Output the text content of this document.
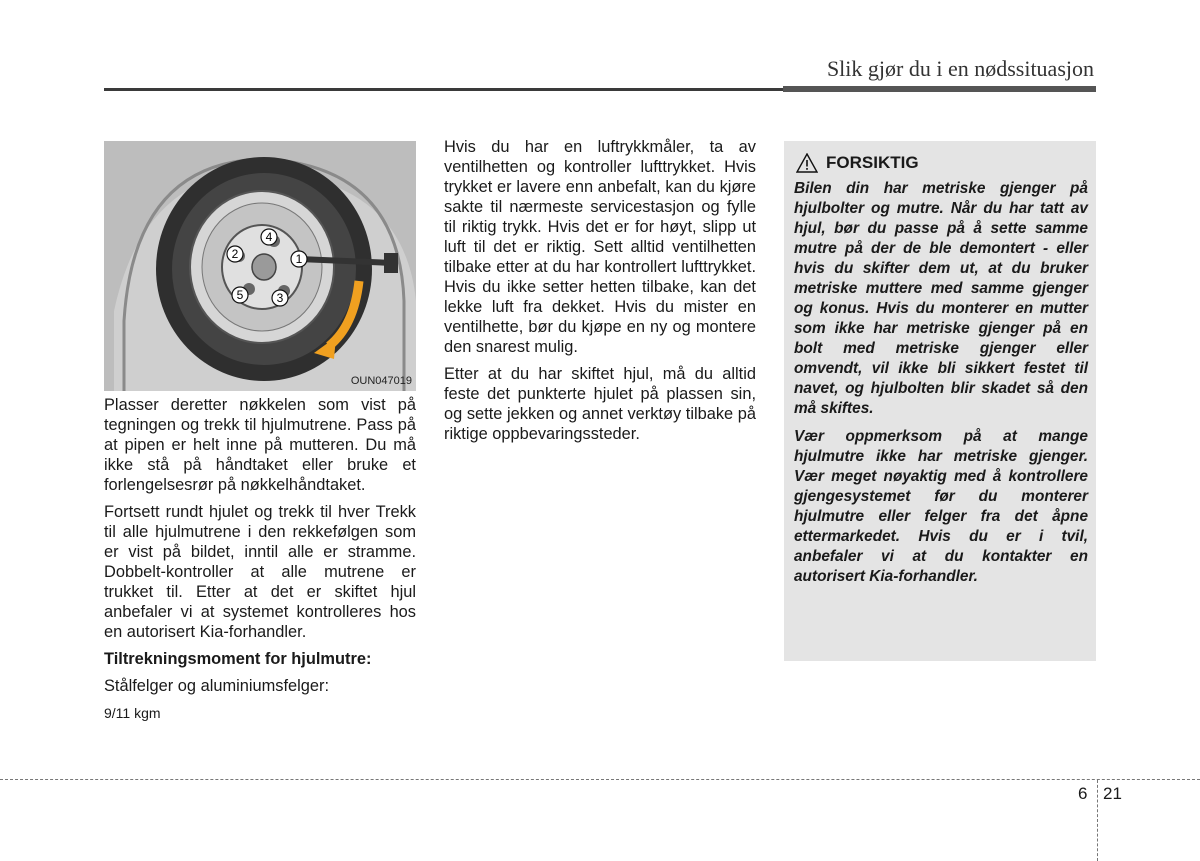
Slik gjør du i en nødssituasjon
1
2
3
4
5
OUN047019

Plasser deretter nøkkelen som vist på tegningen og trekk til hjulmutrene. Pass på at pipen er helt inne på mutteren. Du må ikke stå på håndtaket eller bruke et forlengelsesrør på nøkkelhåndtaket.

Fortsett rundt hjulet og trekk til hver Trekk til alle hjulmutrene i den rekkefølgen som er vist på bildet, inntil alle er stramme. Dobbelt-kontroller at alle mutrene er trukket til. Etter at det er skiftet hjul anbefaler vi at systemet kontrolleres hos en autorisert Kia-forhandler.

Tiltrekningsmoment for hjulmutre:

Stålfelger og aluminiumsfelger:

9/11 kgm

Hvis du har en luftrykkmåler, ta av ventilhetten og kontroller lufttrykket. Hvis trykket er lavere enn anbefalt, kan du kjøre sakte til nærmeste servicestasjon og fylle til riktig trykk. Hvis det er for høyt, slipp ut luft til det er riktig. Sett alltid ventilhetten tilbake etter at du har kontrollert lufttrykket. Hvis du ikke setter hetten tilbake, kan det lekke luft fra dekket. Hvis du mister en ventilhette, bør du kjøpe en ny og montere den snarest mulig.

Etter at du har skiftet hjul, må du alltid feste det punkterte hjulet på plassen sin, og sette jekken og annet verktøy tilbake på riktige oppbevaringssteder.

FORSIKTIG

Bilen din har metriske gjenger på hjulbolter og mutre. Når du har tatt av hjul, bør du passe på å sette samme mutre på der de ble demontert - eller hvis du skifter dem ut, at du bruker metriske muttere med samme gjenger og konus. Hvis du monterer en mutter som ikke har metriske gjenger på en bolt med metriske gjenger eller omvendt, vil ikke bli sikkert festet til navet, og hjulbolten blir skadet så den må skiftes.

Vær oppmerksom på at mange hjulmutre ikke har metriske gjenger. Vær meget nøyaktig med å kontrollere gjengesystemet før du monterer hjulmutre eller felger fra det åpne ettermarkedet. Hvis du er i tvil, anbefaler vi at du kontakter en autorisert Kia-forhandler.

6 21
